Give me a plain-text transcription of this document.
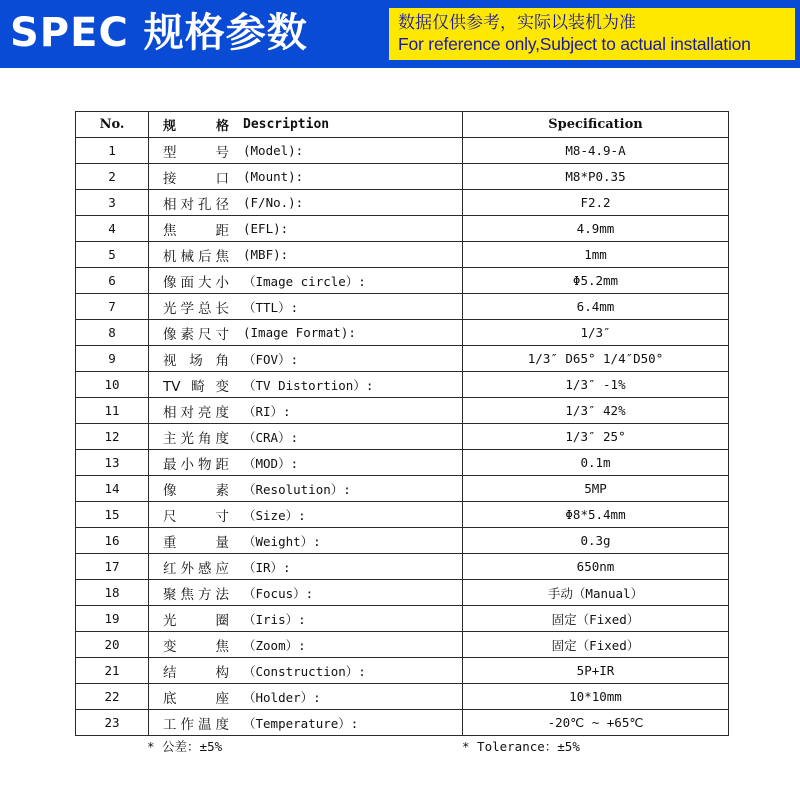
SPEC 规格参数	数据仅供参考，实际以装机为准
For reference only,Subject to actual installation
No.	规格 Description	Specification
1	型号 (Model):	M8-4.9-A
2	接口 (Mount):	M8*P0.35
3	相对孔径 (F/No.):	F2.2
4	焦距 (EFL):	4.9mm
5	机械后焦 (MBF):	1mm
6	像面大小 （Image circle）:	Φ5.2mm
7	光学总长 （TTL）:	6.4mm
8	像素尺寸 (Image Format):	1/3″
9	视场角 （FOV）:	1/3″ D65° 1/4″D50°
10	TV畸变 （TV Distortion）:	1/3″ -1%
11	相对亮度 （RI）:	1/3″ 42%
12	主光角度 （CRA）:	1/3″ 25°
13	最小物距 （MOD）:	0.1m
14	像素 （Resolution）:	5MP
15	尺寸 （Size）:	Φ8*5.4mm
16	重量 （Weight）:	0.3g
17	红外感应 （IR）:	650nm
18	聚焦方法 （Focus）:	手动（Manual）
19	光圈 （Iris）:	固定（Fixed）
20	变焦 （Zoom）:	固定（Fixed）
21	结构 （Construction）:	5P+IR
22	底座 （Holder）:	10*10mm
23	工作温度 （Temperature）:	-20℃ ~ +65℃
* 公差：±5%	* Tolerance：±5%
